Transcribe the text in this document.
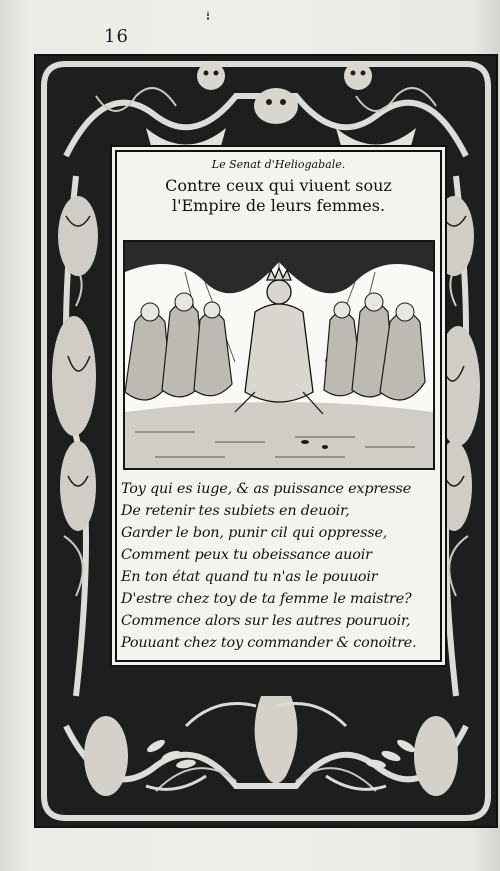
16
Le Senat d'Heliogabale.
Contre ceux qui viuent souz
l'Empire de leurs femmes.
Toy qui es iuge, & as puissance expresse
De retenir tes subiets en deuoir,
Garder le bon, punir cil qui oppresse,
Comment peux tu obeissance auoir
En ton état quand tu n'as le pouuoir
D'estre chez toy de ta femme le maistre?
Commence alors sur les autres pouruoir,
Pouuant chez toy commander & conoitre.
